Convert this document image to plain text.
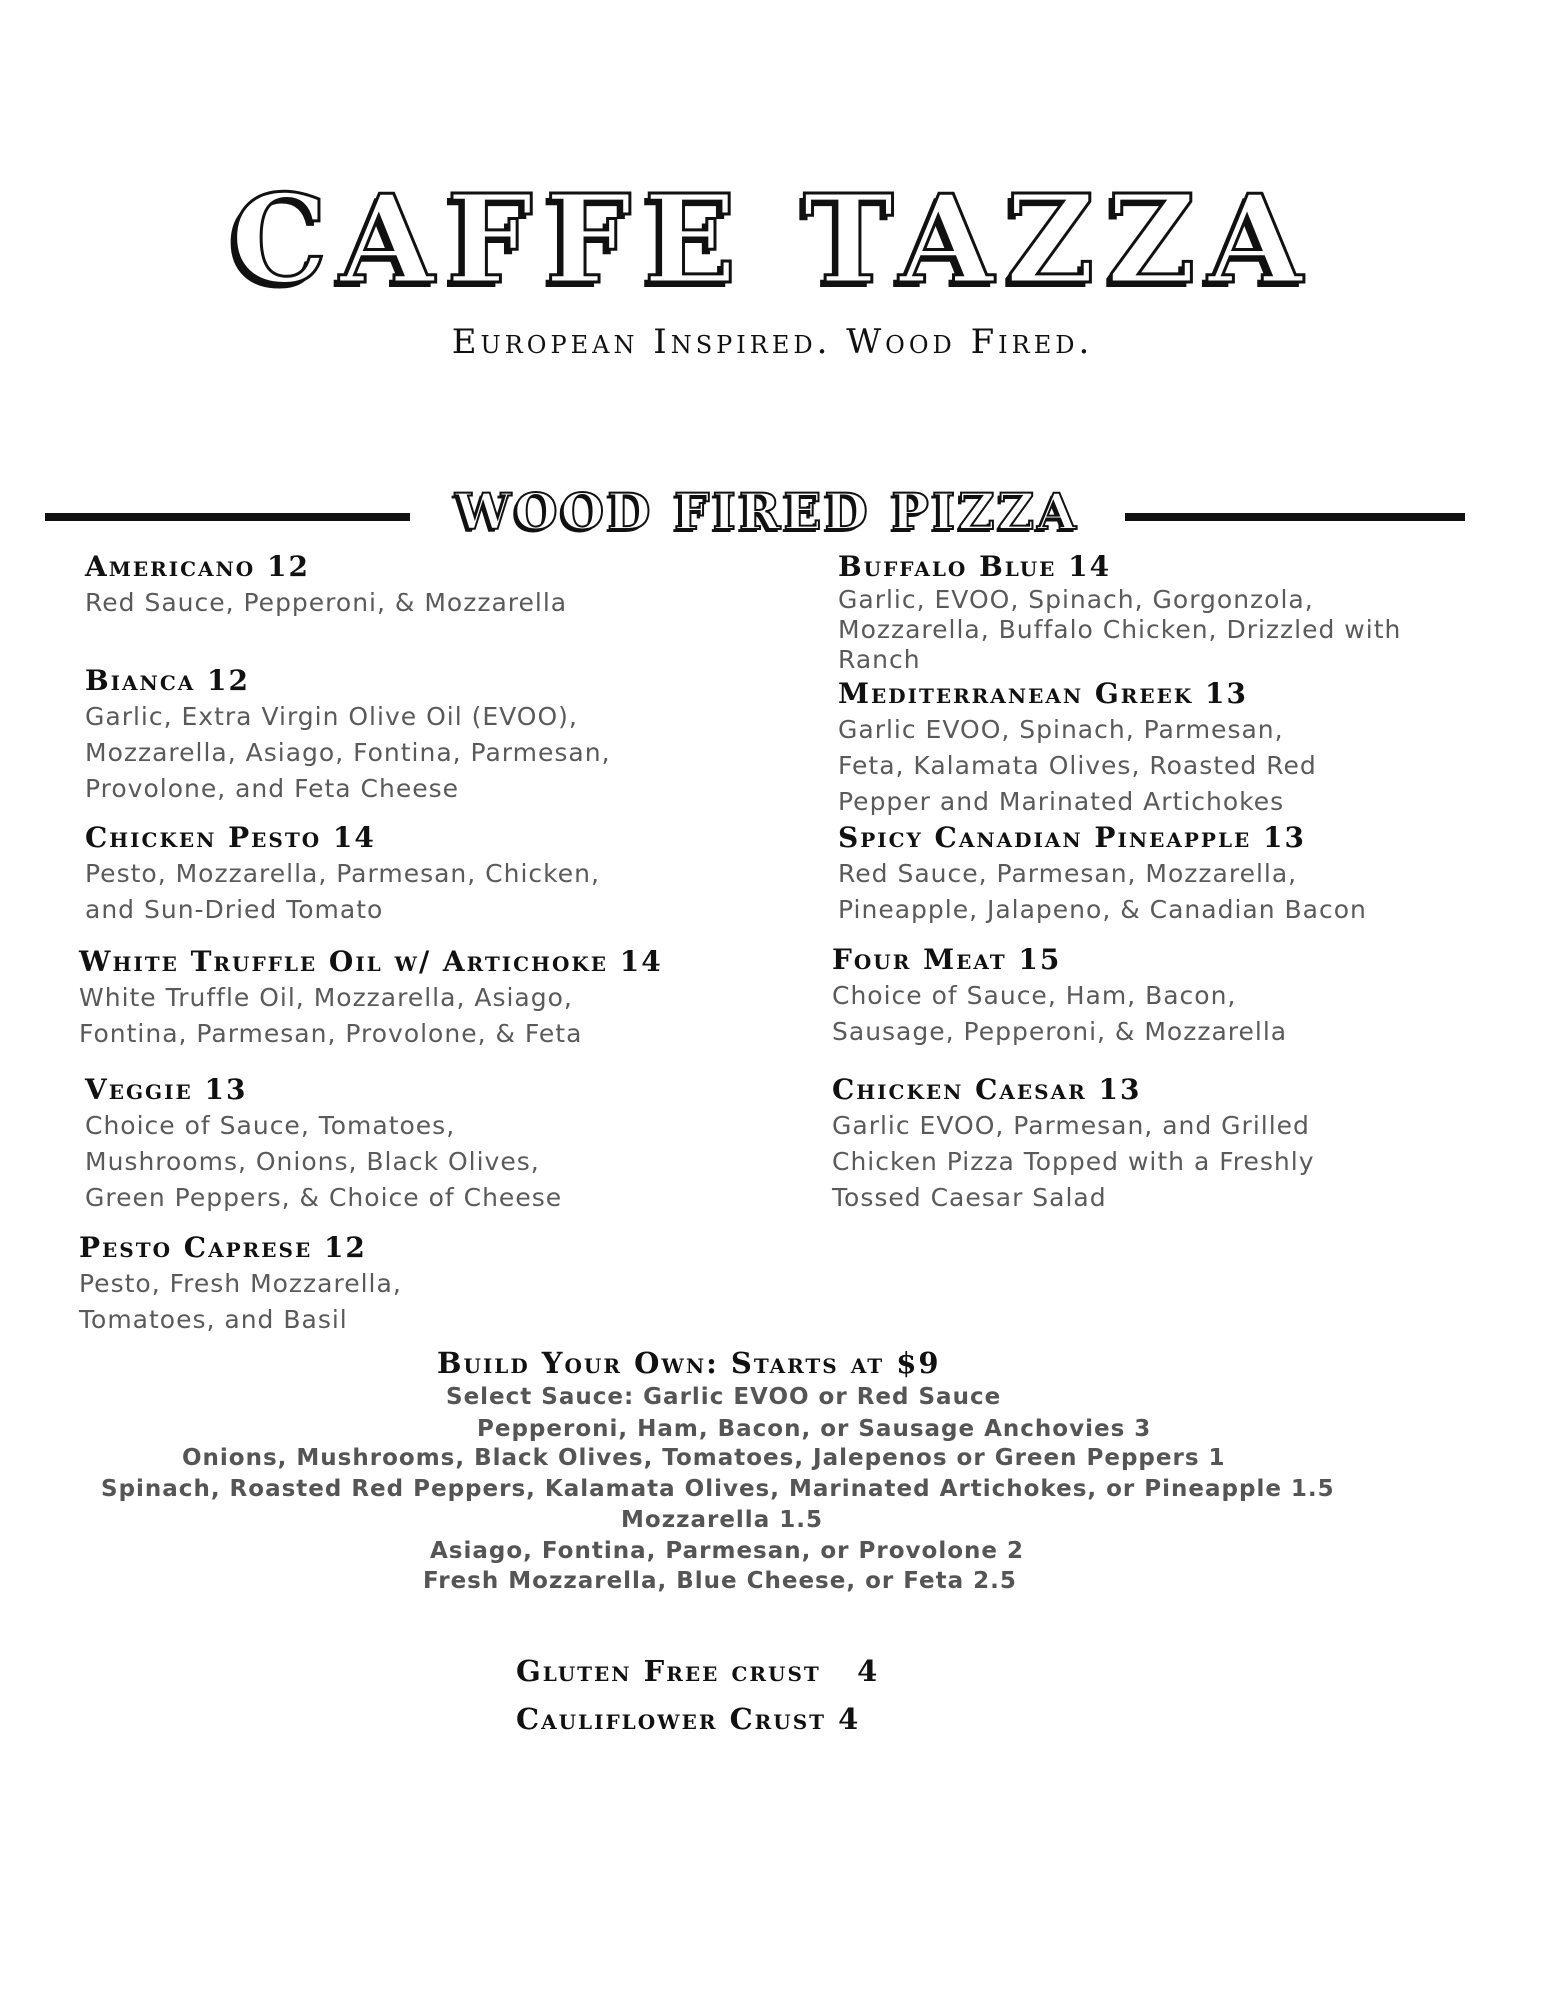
CAFFE TAZZA
European Inspired. Wood Fired.
WOOD FIRED PIZZA
Americano 12
Red Sauce, Pepperoni, & Mozzarella
Bianca 12
Garlic, Extra Virgin Olive Oil (EVOO),
Mozzarella, Asiago, Fontina, Parmesan,
Provolone, and Feta Cheese
Chicken Pesto 14
Pesto, Mozzarella, Parmesan, Chicken,
and Sun-Dried Tomato
White Truffle Oil w/ Artichoke 14
White Truffle Oil, Mozzarella, Asiago,
Fontina, Parmesan, Provolone, & Feta
Veggie 13
Choice of Sauce, Tomatoes,
Mushrooms, Onions, Black Olives,
Green Peppers, & Choice of Cheese
Pesto Caprese 12
Pesto, Fresh Mozzarella,
Tomatoes, and Basil
Buffalo Blue 14
Garlic, EVOO, Spinach, Gorgonzola,
Mozzarella, Buffalo Chicken, Drizzled with
Ranch
Mediterranean Greek 13
Garlic EVOO, Spinach, Parmesan,
Feta, Kalamata Olives, Roasted Red
Pepper and Marinated Artichokes
Spicy Canadian Pineapple 13
Red Sauce, Parmesan, Mozzarella,
Pineapple, Jalapeno, & Canadian Bacon
Four Meat 15
Choice of Sauce, Ham, Bacon,
Sausage, Pepperoni, & Mozzarella
Chicken Caesar 13
Garlic EVOO, Parmesan, and Grilled
Chicken Pizza Topped with a Freshly
Tossed Caesar Salad
Build Your Own: Starts at $9
Select Sauce: Garlic EVOO or Red Sauce
Pepperoni, Ham, Bacon, or Sausage Anchovies 3
Onions, Mushrooms, Black Olives, Tomatoes, Jalepenos or Green Peppers 1
Spinach, Roasted Red Peppers, Kalamata Olives, Marinated Artichokes, or Pineapple 1.5
Mozzarella 1.5
Asiago, Fontina, Parmesan, or Provolone 2
Fresh Mozzarella, Blue Cheese, or Feta 2.5
Gluten Free crust   4
Cauliflower Crust 4
